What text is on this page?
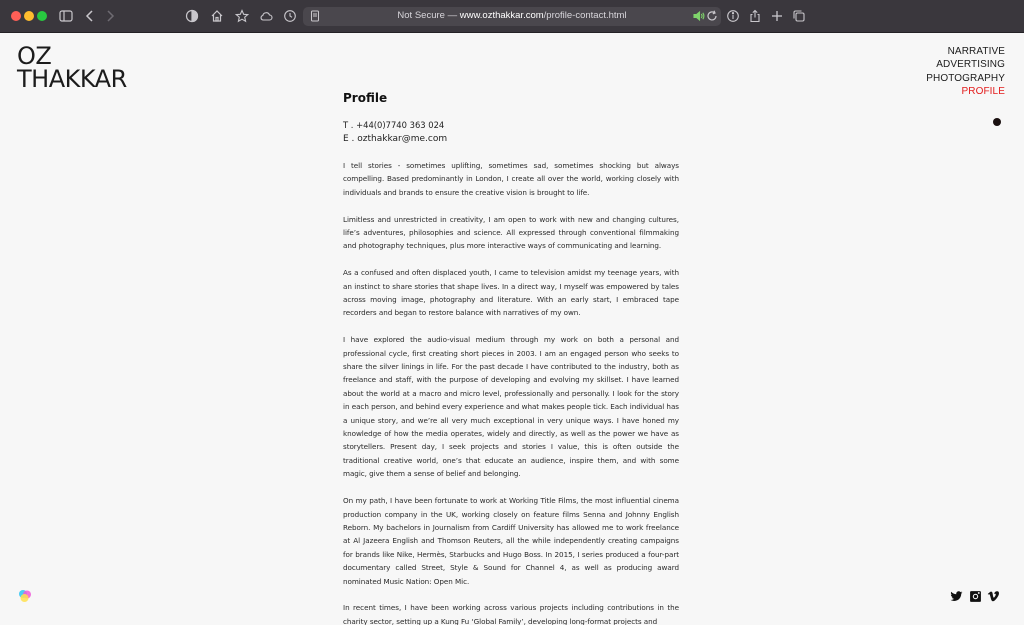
Not Secure — www.ozthakkar.com/profile-contact.html
OZ
THAKKAR
NARRATIVE
ADVERTISING
PHOTOGRAPHY
PROFILE
Profile
T . +44(0)7740 363 024
E . ozthakkar@me.com

I tell stories - sometimes uplifting, sometimes sad, sometimes shocking but always compelling. Based predominantly in London, I create all over the world, working closely with individuals and brands to ensure the creative vision is brought to life.

Limitless and unrestricted in creativity, I am open to work with new and changing cultures, life’s adventures, philosophies and science. All expressed through conventional filmmaking and photography techniques, plus more interactive ways of communicating and learning.

As a confused and often displaced youth, I came to television amidst my teenage years, with an instinct to share stories that shape lives. In a direct way, I myself was empowered by tales across moving image, photography and literature. With an early start, I embraced tape recorders and began to restore balance with narratives of my own.

I have explored the audio-visual medium through my work on both a personal and professional cycle, first creating short pieces in 2003. I am an engaged person who seeks to share the silver linings in life. For the past decade I have contributed to the industry, both as freelance and staff, with the purpose of developing and evolving my skillset. I have learned about the world at a macro and micro level, professionally and personally. I look for the story in each person, and behind every experience and what makes people tick. Each individual has a unique story, and we’re all very much exceptional in very unique ways. I have honed my knowledge of how the media operates, widely and directly, as well as the power we have as storytellers. Present day, I seek projects and stories I value, this is often outside the traditional creative world, one’s that educate an audience, inspire them, and with some magic, give them a sense of belief and belonging.

On my path, I have been fortunate to work at Working Title Films, the most influential cinema production company in the UK, working closely on feature films Senna and Johnny English Reborn. My bachelors in Journalism from Cardiff University has allowed me to work freelance at Al Jazeera English and Thomson Reuters, all the while independently creating campaigns for brands like Nike, Hermès, Starbucks and Hugo Boss. In 2015, I series produced a four-part documentary called Street, Style & Sound for Channel 4, as well as producing award nominated Music Nation: Open Mic.

In recent times, I have been working across various projects including contributions in the charity sector, setting up a Kung Fu ‘Global Family’, developing long-format projects and
